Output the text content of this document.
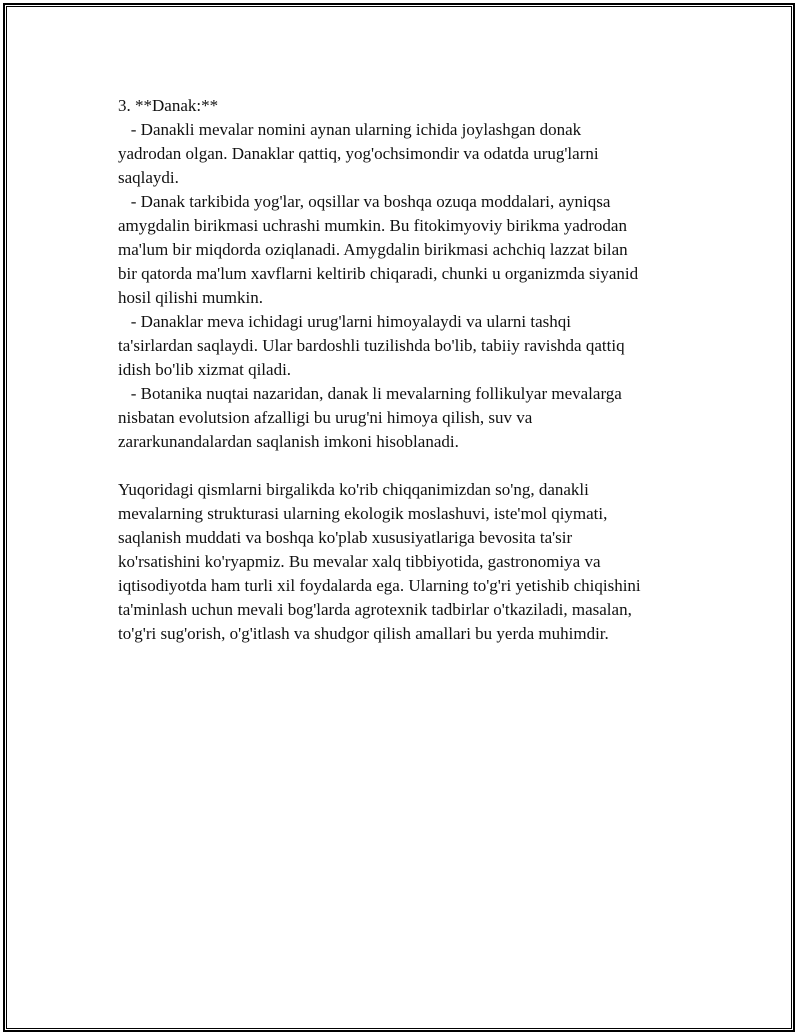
3. **Danak:**
- Danakli mevalar nomini aynan ularning ichida joylashgan donak
yadrodan olgan. Danaklar qattiq, yog'ochsimondir va odatda urug'larni
saqlaydi.
- Danak tarkibida yog'lar, oqsillar va boshqa ozuqa moddalari, ayniqsa
amygdalin birikmasi uchrashi mumkin. Bu fitokimyoviy birikma yadrodan
ma'lum bir miqdorda oziqlanadi. Amygdalin birikmasi achchiq lazzat bilan
bir qatorda ma'lum xavflarni keltirib chiqaradi, chunki u organizmda siyanid
hosil qilishi mumkin.
- Danaklar meva ichidagi urug'larni himoyalaydi va ularni tashqi
ta'sirlardan saqlaydi. Ular bardoshli tuzilishda bo'lib, tabiiy ravishda qattiq
idish bo'lib xizmat qiladi.
- Botanika nuqtai nazaridan, danak li mevalarning follikulyar mevalarga
nisbatan evolutsion afzalligi bu urug'ni himoya qilish, suv va
zararkunandalardan saqlanish imkoni hisoblanadi.
Yuqoridagi qismlarni birgalikda ko'rib chiqqanimizdan so'ng, danakli
mevalarning strukturasi ularning ekologik moslashuvi, iste'mol qiymati,
saqlanish muddati va boshqa ko'plab xususiyatlariga bevosita ta'sir
ko'rsatishini ko'ryapmiz. Bu mevalar xalq tibbiyotida, gastronomiya va
iqtisodiyotda ham turli xil foydalarda ega. Ularning to'g'ri yetishib chiqishini
ta'minlash uchun mevali bog'larda agrotexnik tadbirlar o'tkaziladi, masalan,
to'g'ri sug'orish, o'g'itlash va shudgor qilish amallari bu yerda muhimdir.
